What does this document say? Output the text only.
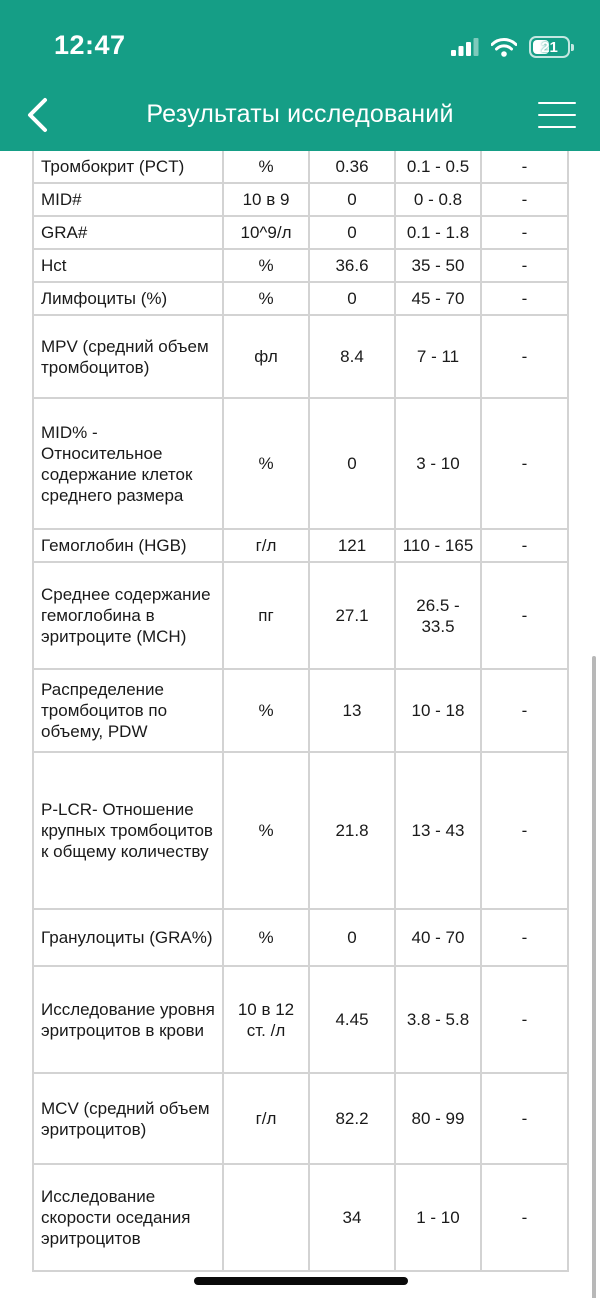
12:47	21
Результаты исследований
Тромбокрит (PCT)	%	0.36	0.1 - 0.5	-
MID#	10 в 9	0	0 - 0.8	-
GRA#	10^9/л	0	0.1 - 1.8	-
Hct	%	36.6	35 - 50	-
Лимфоциты (%)	%	0	45 - 70	-
MPV (средний объем тромбоцитов)	фл	8.4	7 - 11	-
MID% - Относительное содержание клеток среднего размера	%	0	3 - 10	-
Гемоглобин (HGB)	г/л	121	110 - 165	-
Среднее содержание гемоглобина в эритроците (MCH)	пг	27.1	26.5 - 33.5	-
Распределение тромбоцитов по объему, PDW	%	13	10 - 18	-
P-LCR- Отношение крупных тромбоцитов к общему количеству	%	21.8	13 - 43	-
Гранулоциты (GRA%)	%	0	40 - 70	-
Исследование уровня эритроцитов в крови	10 в 12 ст. /л	4.45	3.8 - 5.8	-
MCV (средний объем эритроцитов)	г/л	82.2	80 - 99	-
Исследование скорости оседания эритроцитов		34	1 - 10	-
